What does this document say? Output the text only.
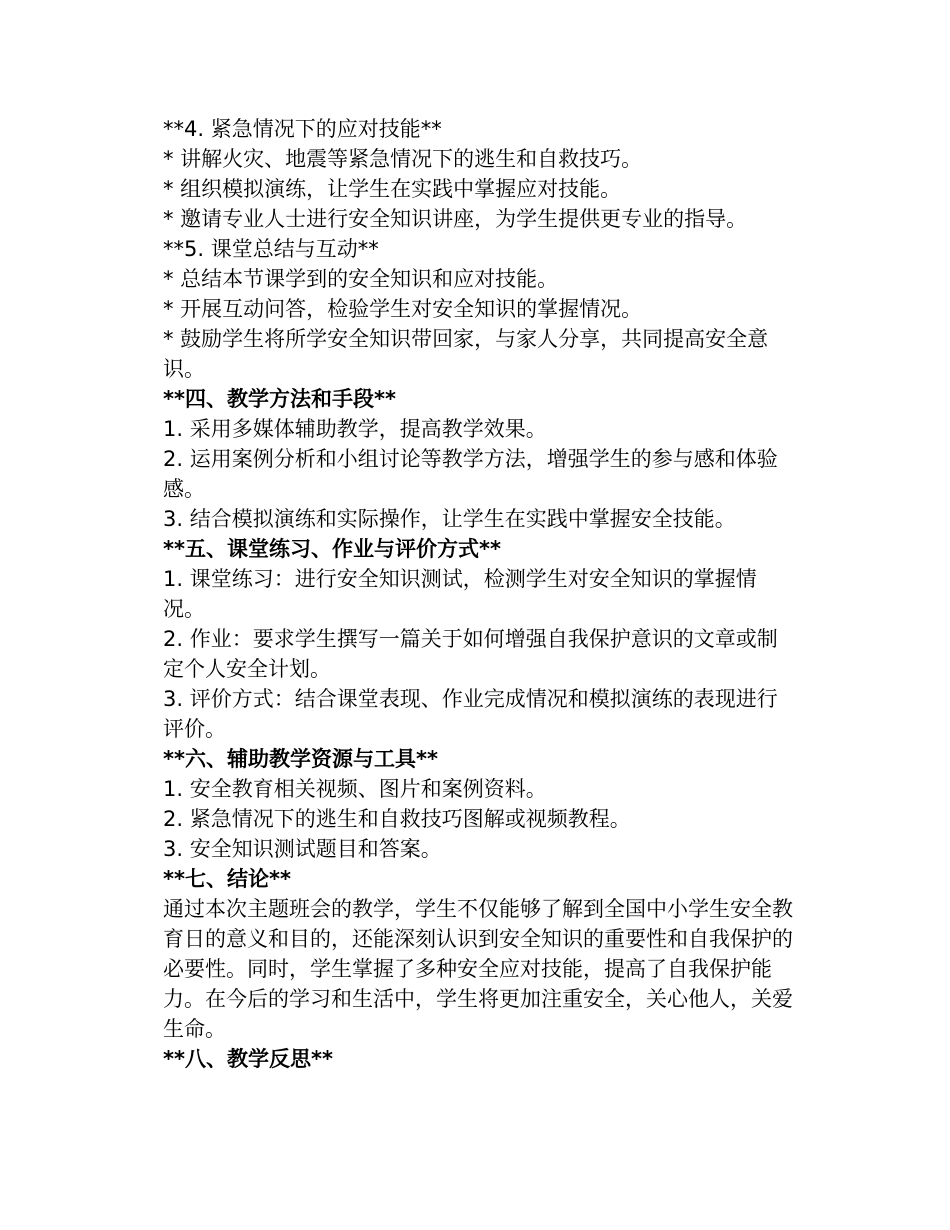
**4. 紧急情况下的应对技能**

* 讲解火灾、地震等紧急情况下的逃生和自救技巧。

* 组织模拟演练，让学生在实践中掌握应对技能。

* 邀请专业人士进行安全知识讲座，为学生提供更专业的指导。

**5. 课堂总结与互动**

* 总结本节课学到的安全知识和应对技能。

* 开展互动问答，检验学生对安全知识的掌握情况。

* 鼓励学生将所学安全知识带回家，与家人分享，共同提高安全意识。

**四、教学方法和手段**

1. 采用多媒体辅助教学，提高教学效果。

2. 运用案例分析和小组讨论等教学方法，增强学生的参与感和体验感。

3. 结合模拟演练和实际操作，让学生在实践中掌握安全技能。

**五、课堂练习、作业与评价方式**

1. 课堂练习：进行安全知识测试，检测学生对安全知识的掌握情况。

2. 作业：要求学生撰写一篇关于如何增强自我保护意识的文章或制定个人安全计划。

3. 评价方式：结合课堂表现、作业完成情况和模拟演练的表现进行评价。

**六、辅助教学资源与工具**

1. 安全教育相关视频、图片和案例资料。

2. 紧急情况下的逃生和自救技巧图解或视频教程。

3. 安全知识测试题目和答案。

**七、结论**

通过本次主题班会的教学，学生不仅能够了解到全国中小学生安全教育日的意义和目的，还能深刻认识到安全知识的重要性和自我保护的必要性。同时，学生掌握了多种安全应对技能，提高了自我保护能力。在今后的学习和生活中，学生将更加注重安全，关心他人，关爱生命。

**八、教学反思**
